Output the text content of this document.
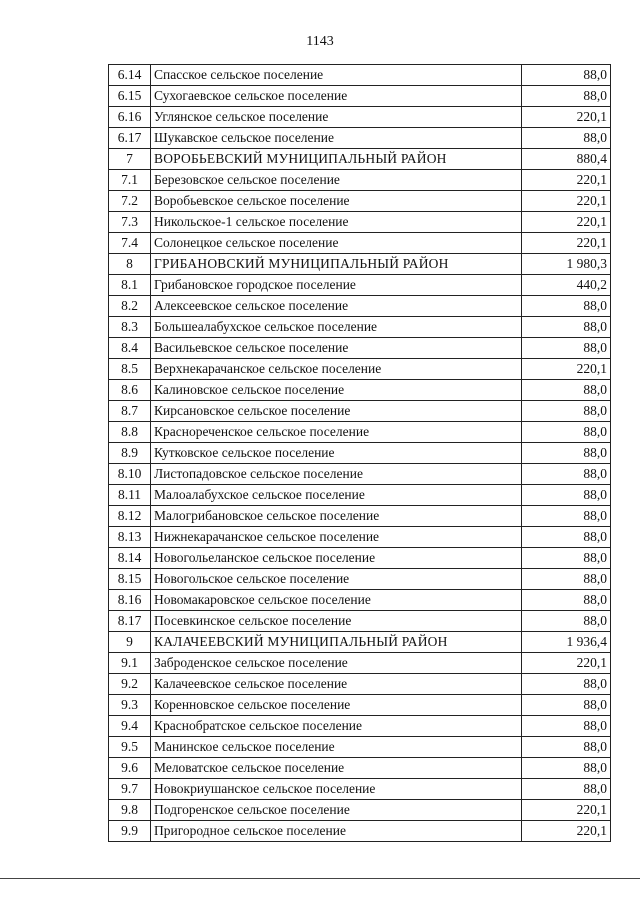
1143
6.14	Спасское сельское поселение	88,0
6.15	Сухогаевское сельское поселение	88,0
6.16	Углянское сельское поселение	220,1
6.17	Шукавское сельское поселение	88,0
7	ВОРОБЬЕВСКИЙ МУНИЦИПАЛЬНЫЙ РАЙОН	880,4
7.1	Березовское сельское поселение	220,1
7.2	Воробьевское сельское поселение	220,1
7.3	Никольское-1 сельское поселение	220,1
7.4	Солонецкое сельское поселение	220,1
8	ГРИБАНОВСКИЙ МУНИЦИПАЛЬНЫЙ РАЙОН	1 980,3
8.1	Грибановское городское поселение	440,2
8.2	Алексеевское сельское поселение	88,0
8.3	Большеалабухское сельское поселение	88,0
8.4	Васильевское сельское поселение	88,0
8.5	Верхнекарачанское сельское поселение	220,1
8.6	Калиновское сельское поселение	88,0
8.7	Кирсановское сельское поселение	88,0
8.8	Краснореченское сельское поселение	88,0
8.9	Кутковское сельское поселение	88,0
8.10	Листопадовское сельское поселение	88,0
8.11	Малоалабухское сельское поселение	88,0
8.12	Малогрибановское сельское поселение	88,0
8.13	Нижнекарачанское сельское поселение	88,0
8.14	Новогольеланское сельское поселение	88,0
8.15	Новогольское сельское поселение	88,0
8.16	Новомакаровское сельское поселение	88,0
8.17	Посевкинское сельское поселение	88,0
9	КАЛАЧЕЕВСКИЙ МУНИЦИПАЛЬНЫЙ РАЙОН	1 936,4
9.1	Заброденское сельское поселение	220,1
9.2	Калачеевское сельское поселение	88,0
9.3	Коренновское сельское поселение	88,0
9.4	Краснобратское сельское поселение	88,0
9.5	Манинское сельское поселение	88,0
9.6	Меловатское сельское поселение	88,0
9.7	Новокриушанское сельское поселение	88,0
9.8	Подгоренское сельское поселение	220,1
9.9	Пригородное сельское поселение	220,1
